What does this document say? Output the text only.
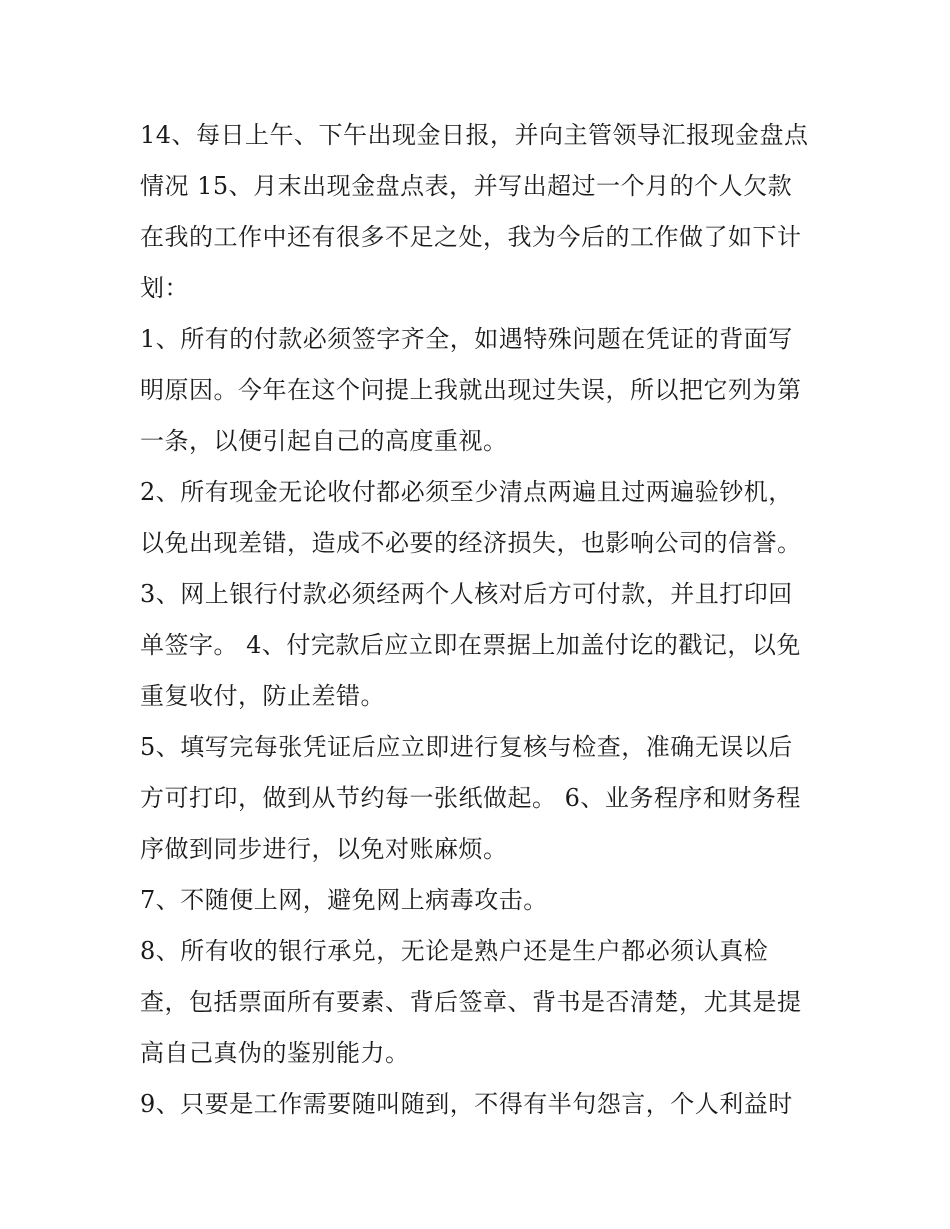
14、每日上午、下午出现金日报，并向主管领导汇报现金盘点
情况 15、月末出现金盘点表，并写出超过一个月的个人欠款
在我的工作中还有很多不足之处，我为今后的工作做了如下计
划：
1、所有的付款必须签字齐全，如遇特殊问题在凭证的背面写
明原因。今年在这个问提上我就出现过失误，所以把它列为第
一条，以便引起自己的高度重视。
2、所有现金无论收付都必须至少清点两遍且过两遍验钞机，
以免出现差错，造成不必要的经济损失，也影响公司的信誉。
3、网上银行付款必须经两个人核对后方可付款，并且打印回
单签字。 4、付完款后应立即在票据上加盖付讫的戳记，以免
重复收付，防止差错。
5、填写完每张凭证后应立即进行复核与检查，准确无误以后
方可打印，做到从节约每一张纸做起。 6、业务程序和财务程
序做到同步进行，以免对账麻烦。
7、不随便上网，避免网上病毒攻击。
8、所有收的银行承兑，无论是熟户还是生户都必须认真检
查，包括票面所有要素、背后签章、背书是否清楚，尤其是提
高自己真伪的鉴别能力。
9、只要是工作需要随叫随到，不得有半句怨言，个人利益时
